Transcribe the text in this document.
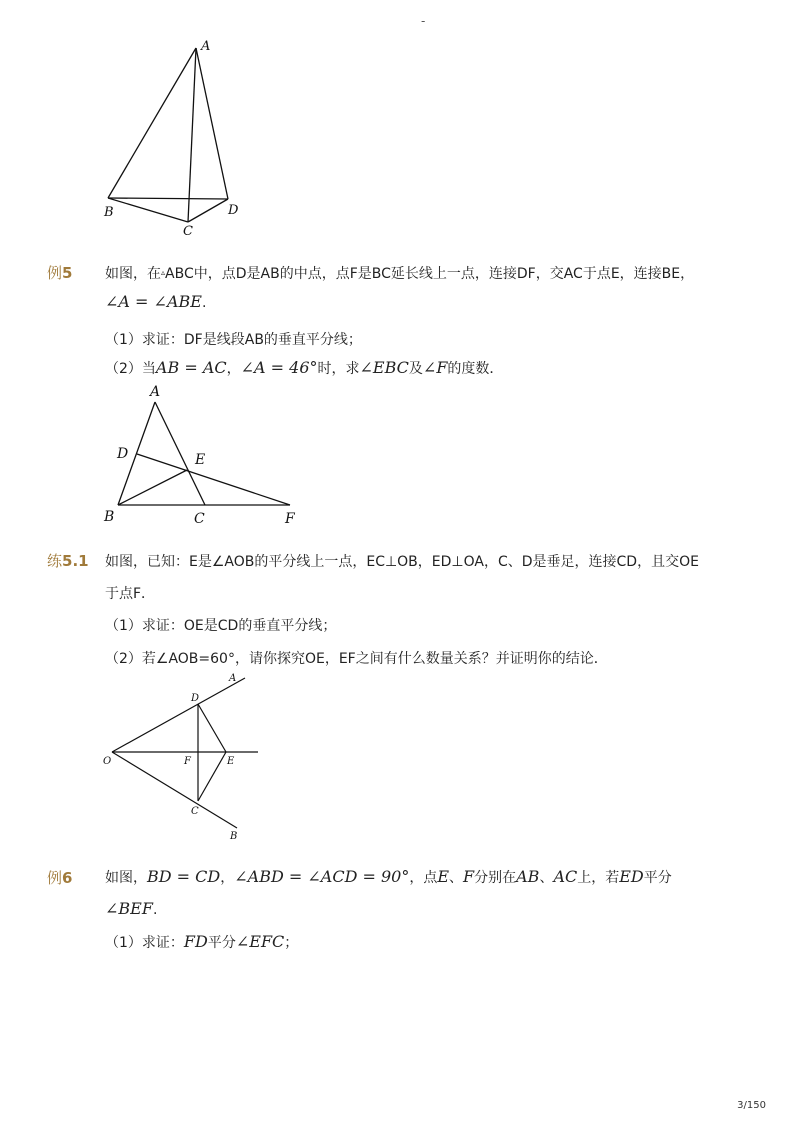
-
A
B
C
D
例5 如图，在▵ABC中，点D是AB的中点，点F是BC延长线上一点，连接DF，交AC于点E，连接BE，
∠A = ∠ABE.
（1）求证：DF是线段AB的垂直平分线；
（2）当AB = AC，∠A = 46°时，求∠EBC及∠F的度数．
A
D	E
B	C	F
练5.1 如图，已知：E是∠AOB的平分线上一点，EC⊥OB，ED⊥OA，C、D是垂足，连接CD，且交OE
于点F．
（1）求证：OE是CD的垂直平分线；
（2）若∠AOB=60°，请你探究OE，EF之间有什么数量关系？并证明你的结论．
A
D
O	F	E
C
B
例6 如图，BD = CD，∠ABD = ∠ACD = 90°，点E、F分别在AB、AC上，若ED平分
∠BEF.
（1）求证：FD平分∠EFC；
3/150
